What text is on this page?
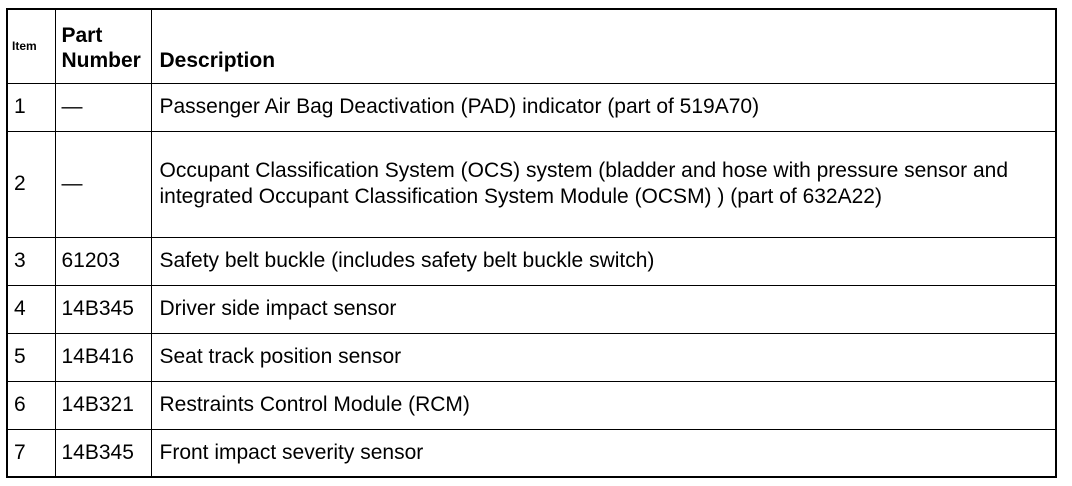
Item	Part Number	Description
1	—	Passenger Air Bag Deactivation (PAD) indicator (part of 519A70)
2	—	Occupant Classification System (OCS) system (bladder and hose with pressure sensor and integrated Occupant Classification System Module (OCSM) ) (part of 632A22)
3	61203	Safety belt buckle (includes safety belt buckle switch)
4	14B345	Driver side impact sensor
5	14B416	Seat track position sensor
6	14B321	Restraints Control Module (RCM)
7	14B345	Front impact severity sensor
